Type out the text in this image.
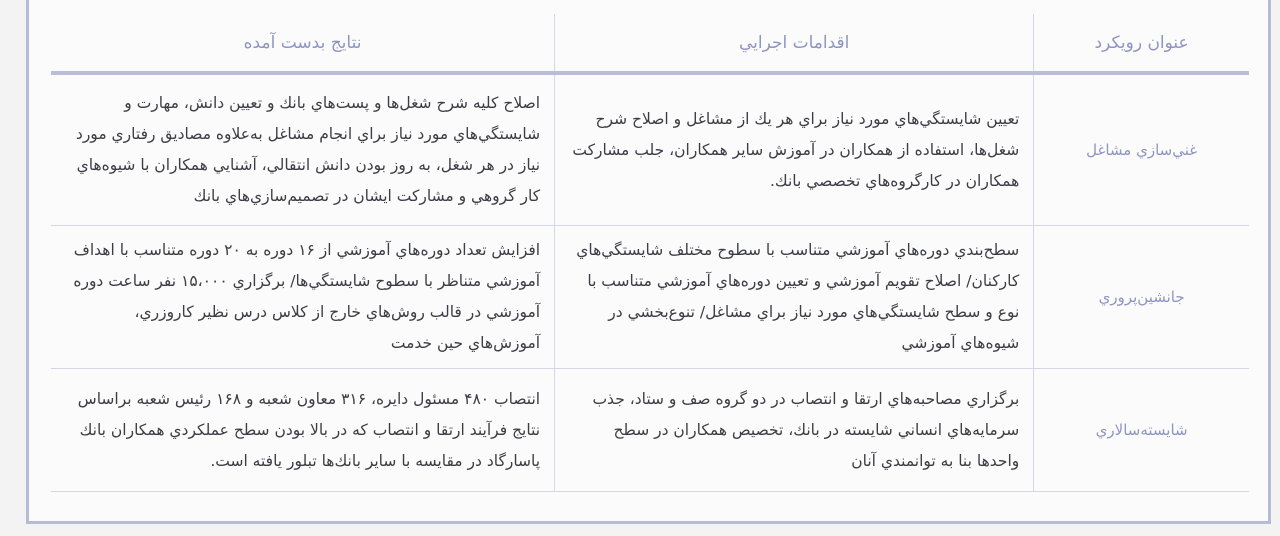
عنوان رويكرد	اقدامات اجرايي	نتايج بدست آمده
غني‌سازي مشاغل	تعيين شايستگي‌هاي مورد نياز براي هر يك از مشاغل و اصلاح شرح شغل‌ها، استفاده از همكاران در آموزش ساير همكاران، جلب مشاركت همكاران در كارگروه‌هاي تخصصي بانك.	اصلاح كليه شرح شغل‌ها و پست‌هاي بانك و تعيين دانش، مهارت و شايستگي‌هاي مورد نياز براي انجام مشاغل به‌علاوه مصاديق رفتاري مورد نياز در هر شغل، به روز بودن دانش انتقالي، آشنايي همكاران با شيوه‌هاي كار گروهي و مشاركت ايشان در تصميم‌سازي‌هاي بانك
جانشين‌پروري	سطح‌بندي دوره‌هاي آموزشي متناسب با سطوح مختلف شايستگي‌هاي كاركنان/ اصلاح تقويم آموزشي و تعيين دوره‌هاي آموزشي متناسب با نوع و سطح شايستگي‌هاي مورد نياز براي مشاغل/ تنوع‌بخشي در شيوه‌هاي آموزشي	افزايش تعداد دوره‌هاي آموزشي از ۱۶ دوره به ۲۰ دوره متناسب با اهداف آموزشي متناظر با سطوح شايستگي‌ها/ برگزاري ۱۵،۰۰۰ نفر ساعت دوره آموزشي در قالب روش‌هاي خارج از كلاس درس نظير كاروزري، آموزش‌هاي حين خدمت
شايسته‌سالاري	برگزاري مصاحبه‌هاي ارتقا و انتصاب در دو گروه صف و ستاد، جذب سرمايه‌هاي انساني شايسته در بانك، تخصيص همكاران در سطح واحدها بنا به توانمندي آنان	انتصاب ۴۸۰ مسئول دايره، ۳۱۶ معاون شعبه و ۱۶۸ رئيس شعبه براساس نتايج فرآيند ارتقا و انتصاب كه در بالا بودن سطح عملكردي همكاران بانك پاسارگاد در مقايسه با ساير بانك‌ها تبلور يافته است.
